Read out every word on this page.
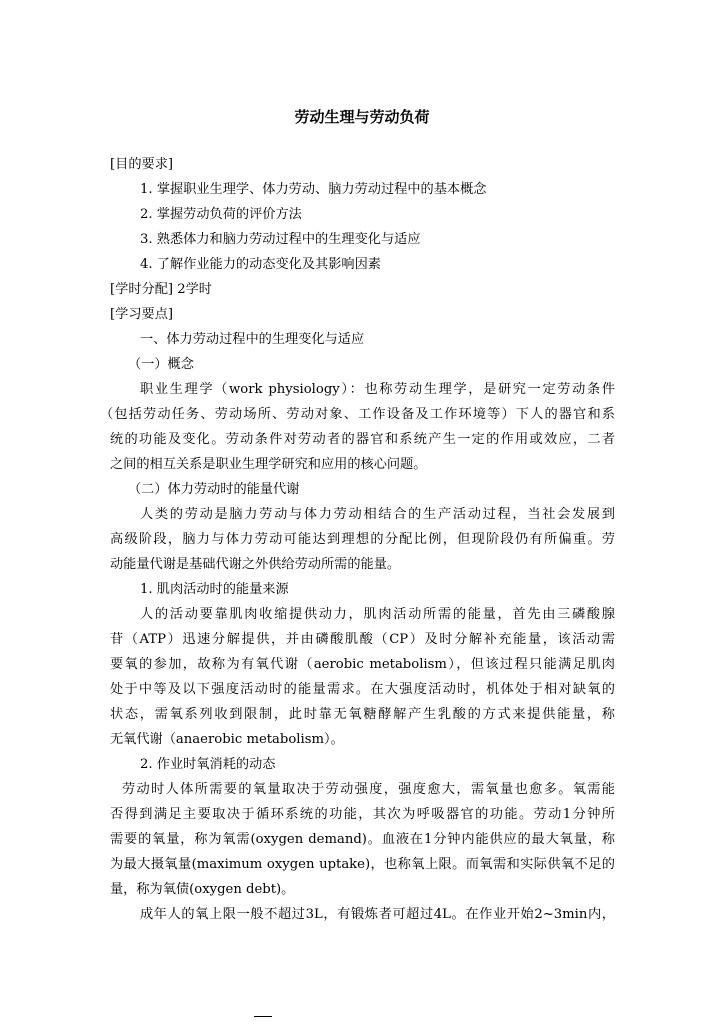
劳动生理与劳动负荷
[目的要求]
1. 掌握职业生理学、体力劳动、脑力劳动过程中的基本概念
2. 掌握劳动负荷的评价方法
3. 熟悉体力和脑力劳动过程中的生理变化与适应
4. 了解作业能力的动态变化及其影响因素
[学时分配] 2学时
[学习要点]
一、体力劳动过程中的生理变化与适应
（一）概念
职业生理学（work physiology）：也称劳动生理学，是研究一定劳动条件
（包括劳动任务、劳动场所、劳动对象、工作设备及工作环境等）下人的器官和系
统的功能及变化。劳动条件对劳动者的器官和系统产生一定的作用或效应，二者
之间的相互关系是职业生理学研究和应用的核心问题。
（二）体力劳动时的能量代谢
人类的劳动是脑力劳动与体力劳动相结合的生产活动过程，当社会发展到
高级阶段，脑力与体力劳动可能达到理想的分配比例，但现阶段仍有所偏重。劳
动能量代谢是基础代谢之外供给劳动所需的能量。
1. 肌肉活动时的能量来源
人的活动要靠肌肉收缩提供动力，肌肉活动所需的能量，首先由三磷酸腺
苷（ATP）迅速分解提供，并由磷酸肌酸（CP）及时分解补充能量，该活动需
要氧的参加，故称为有氧代谢（aerobic metabolism），但该过程只能满足肌肉
处于中等及以下强度活动时的能量需求。在大强度活动时，机体处于相对缺氧的
状态，需氧系列收到限制，此时靠无氧糖酵解产生乳酸的方式来提供能量，称
无氧代谢（anaerobic metabolism）。
2. 作业时氧消耗的动态
劳动时人体所需要的氧量取决于劳动强度，强度愈大，需氧量也愈多。氧需能
否得到满足主要取决于循环系统的功能，其次为呼吸器官的功能。劳动1分钟所
需要的氧量，称为氧需(oxygen demand)。血液在1分钟内能供应的最大氧量，称
为最大摄氧量(maximum oxygen uptake)，也称氧上限。而氧需和实际供氧不足的
量，称为氧债(oxygen debt)。
成年人的氧上限一般不超过3L，有锻炼者可超过4L。在作业开始2~3min内，
